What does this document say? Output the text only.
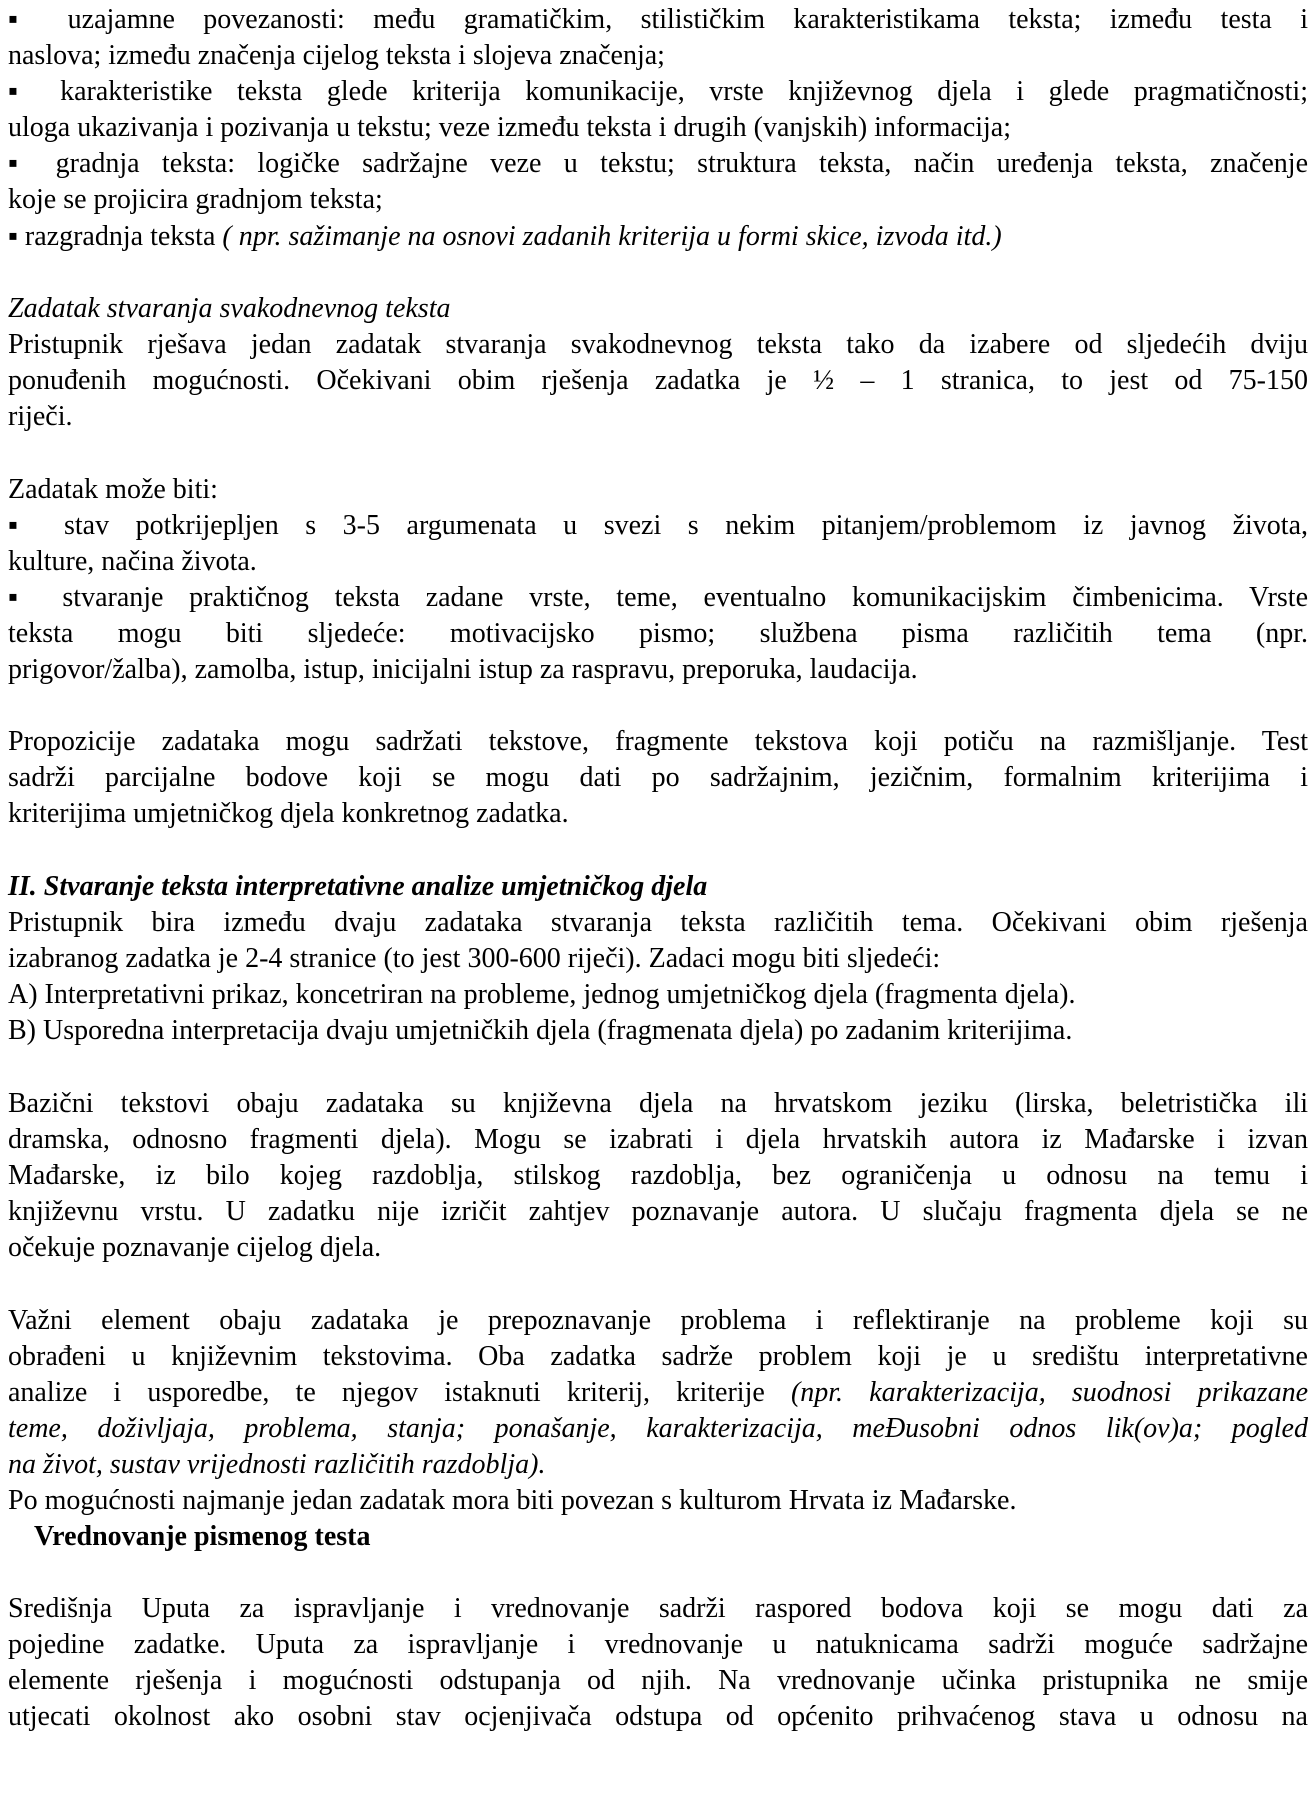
▪ uzajamne povezanosti: među gramatičkim, stilističkim karakteristikama teksta; između testa i
naslova; između značenja cijelog teksta i slojeva značenja;
▪ karakteristike teksta glede kriterija komunikacije, vrste književnog djela i glede pragmatičnosti;
uloga ukazivanja i pozivanja u tekstu; veze između teksta i drugih (vanjskih) informacija;
▪ gradnja teksta: logičke sadržajne veze u tekstu; struktura teksta, način uređenja teksta, značenje
koje se projicira gradnjom teksta;
▪ razgradnja teksta ( npr. sažimanje na osnovi zadanih kriterija u formi skice, izvoda itd.)
Zadatak stvaranja svakodnevnog teksta
Pristupnik rješava jedan zadatak stvaranja svakodnevnog teksta tako da izabere od sljedećih dviju
ponuđenih mogućnosti. Očekivani obim rješenja zadatka je ½ – 1 stranica, to jest od 75-150
riječi.
Zadatak može biti:
▪ stav potkrijepljen s 3-5 argumenata u svezi s nekim pitanjem/problemom iz javnog života,
kulture, načina života.
▪ stvaranje praktičnog teksta zadane vrste, teme, eventualno komunikacijskim čimbenicima. Vrste
teksta mogu biti sljedeće: motivacijsko pismo; službena pisma različitih tema (npr.
prigovor/žalba), zamolba, istup, inicijalni istup za raspravu, preporuka, laudacija.
Propozicije zadataka mogu sadržati tekstove, fragmente tekstova koji potiču na razmišljanje. Test
sadrži parcijalne bodove koji se mogu dati po sadržajnim, jezičnim, formalnim kriterijima i
kriterijima umjetničkog djela konkretnog zadatka.
II. Stvaranje teksta interpretativne analize umjetničkog djela
Pristupnik bira između dvaju zadataka stvaranja teksta različitih tema. Očekivani obim rješenja
izabranog zadatka je 2-4 stranice (to jest 300-600 riječi). Zadaci mogu biti sljedeći:
A) Interpretativni prikaz, koncetriran na probleme, jednog umjetničkog djela (fragmenta djela).
B) Usporedna interpretacija dvaju umjetničkih djela (fragmenata djela) po zadanim kriterijima.
Bazični tekstovi obaju zadataka su književna djela na hrvatskom jeziku (lirska, beletristička ili
dramska, odnosno fragmenti djela). Mogu se izabrati i djela hrvatskih autora iz Mađarske i izvan
Mađarske, iz bilo kojeg razdoblja, stilskog razdoblja, bez ograničenja u odnosu na temu i
književnu vrstu. U zadatku nije izričit zahtjev poznavanje autora. U slučaju fragmenta djela se ne
očekuje poznavanje cijelog djela.
Važni element obaju zadataka je prepoznavanje problema i reflektiranje na probleme koji su
obrađeni u književnim tekstovima. Oba zadatka sadrže problem koji je u središtu interpretativne
analize i usporedbe, te njegov istaknuti kriterij, kriterije (npr. karakterizacija, suodnosi prikazane
teme, doživljaja, problema, stanja; ponašanje, karakterizacija, meĐusobni odnos lik(ov)a; pogled
na život, sustav vrijednosti različitih razdoblja).
Po mogućnosti najmanje jedan zadatak mora biti povezan s kulturom Hrvata iz Mađarske.
Vrednovanje pismenog testa
Središnja Uputa za ispravljanje i vrednovanje sadrži raspored bodova koji se mogu dati za
pojedine zadatke. Uputa za ispravljanje i vrednovanje u natuknicama sadrži moguće sadržajne
elemente rješenja i mogućnosti odstupanja od njih. Na vrednovanje učinka pristupnika ne smije
utjecati okolnost ako osobni stav ocjenjivača odstupa od općenito prihvaćenog stava u odnosu na
